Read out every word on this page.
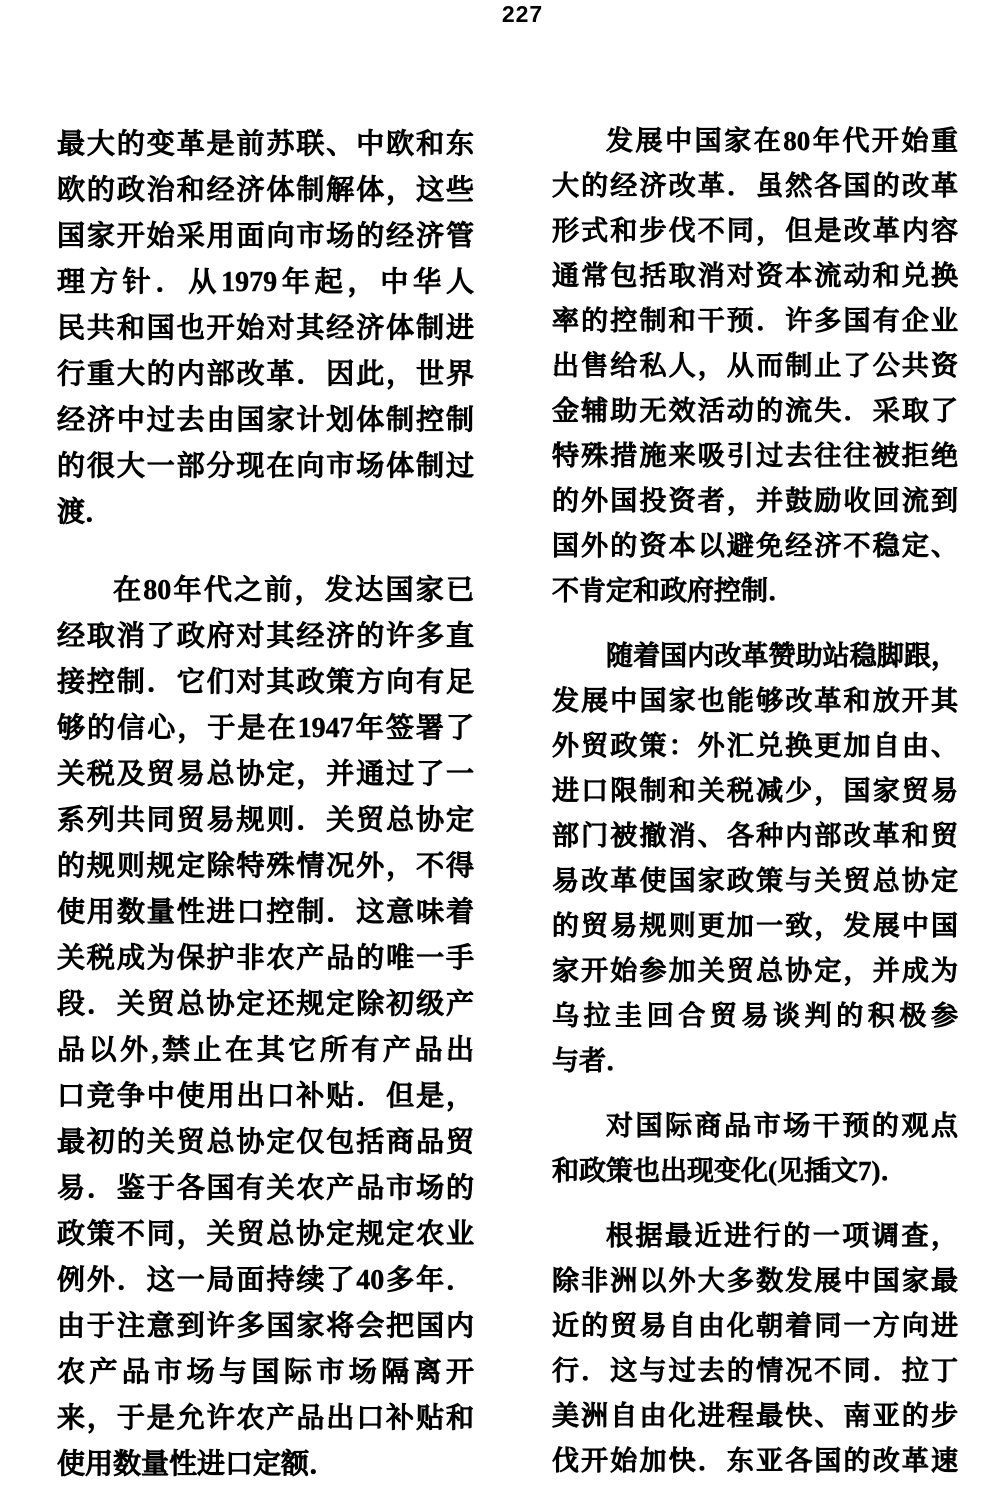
227
最大的变革是前苏联、中欧和东
欧的政治和经济体制解体，这些
国家开始采用面向市场的经济管
理方针．从1979年起，中华人
民共和国也开始对其经济体制进
行重大的内部改革．因此，世界
经济中过去由国家计划体制控制
的很大一部分现在向市场体制过
渡．
在80年代之前，发达国家已
经取消了政府对其经济的许多直
接控制．它们对其政策方向有足
够的信心，于是在1947年签署了
关税及贸易总协定，并通过了一
系列共同贸易规则．关贸总协定
的规则规定除特殊情况外，不得
使用数量性进口控制．这意味着
关税成为保护非农产品的唯一手
段．关贸总协定还规定除初级产
品以外,禁止在其它所有产品出
口竞争中使用出口补贴．但是，
最初的关贸总协定仅包括商品贸
易．鉴于各国有关农产品市场的
政策不同，关贸总协定规定农业
例外．这一局面持续了40多年．
由于注意到许多国家将会把国内
农产品市场与国际市场隔离开
来，于是允许农产品出口补贴和
使用数量性进口定额．
发展中国家在80年代开始重
大的经济改革．虽然各国的改革
形式和步伐不同，但是改革内容
通常包括取消对资本流动和兑换
率的控制和干预．许多国有企业
出售给私人，从而制止了公共资
金辅助无效活动的流失．采取了
特殊措施来吸引过去往往被拒绝
的外国投资者，并鼓励收回流到
国外的资本以避免经济不稳定、
不肯定和政府控制．
随着国内改革赞助站稳脚跟，
发展中国家也能够改革和放开其
外贸政策：外汇兑换更加自由、
进口限制和关税减少，国家贸易
部门被撤消、各种内部改革和贸
易改革使国家政策与关贸总协定
的贸易规则更加一致，发展中国
家开始参加关贸总协定，并成为
乌拉圭回合贸易谈判的积极参
与者．
对国际商品市场干预的观点
和政策也出现变化(见插文7)．
根据最近进行的一项调查，
除非洲以外大多数发展中国家最
近的贸易自由化朝着同一方向进
行．这与过去的情况不同．拉丁
美洲自由化进程最快、南亚的步
伐开始加快．东亚各国的改革速
